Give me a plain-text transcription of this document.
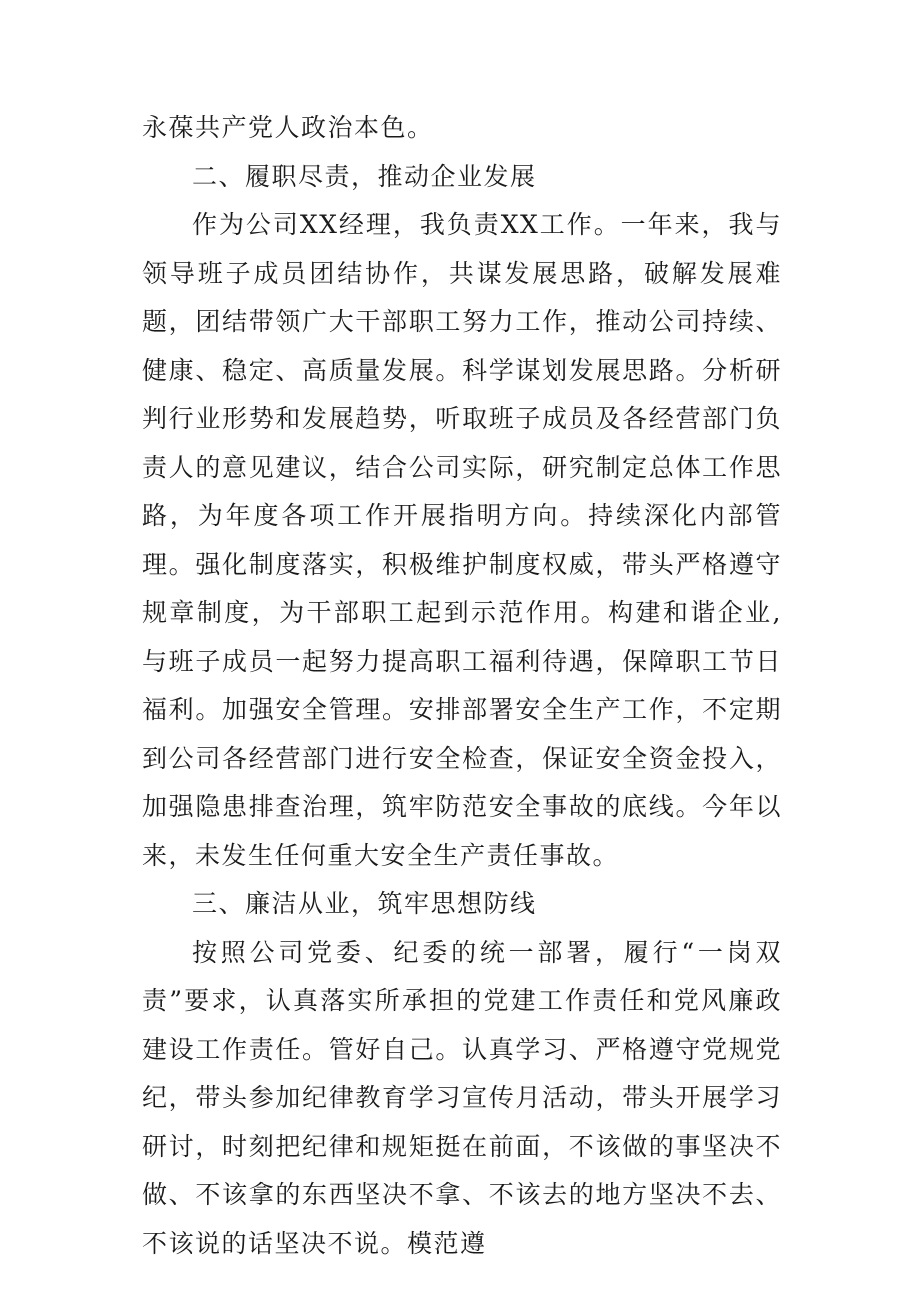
永葆共产党人政治本色。

二、履职尽责，推动企业发展

作为公司XX经理，我负责XX工作。一年来，我与领导班子成员团结协作，共谋发展思路，破解发展难题，团结带领广大干部职工努力工作，推动公司持续、健康、稳定、高质量发展。科学谋划发展思路。分析研判行业形势和发展趋势，听取班子成员及各经营部门负责人的意见建议，结合公司实际，研究制定总体工作思路，为年度各项工作开展指明方向。持续深化内部管理。强化制度落实，积极维护制度权威，带头严格遵守规章制度，为干部职工起到示范作用。构建和谐企业,与班子成员一起努力提高职工福利待遇，保障职工节日福利。加强安全管理。安排部署安全生产工作，不定期到公司各经营部门进行安全检查，保证安全资金投入，加强隐患排查治理，筑牢防范安全事故的底线。今年以来，未发生任何重大安全生产责任事故。

三、廉洁从业，筑牢思想防线

按照公司党委、纪委的统一部署，履行“一岗双责”要求，认真落实所承担的党建工作责任和党风廉政建设工作责任。管好自己。认真学习、严格遵守党规党纪，带头参加纪律教育学习宣传月活动，带头开展学习研讨，时刻把纪律和规矩挺在前面，不该做的事坚决不做、不该拿的东西坚决不拿、不该去的地方坚决不去、不该说的话坚决不说。模范遵
